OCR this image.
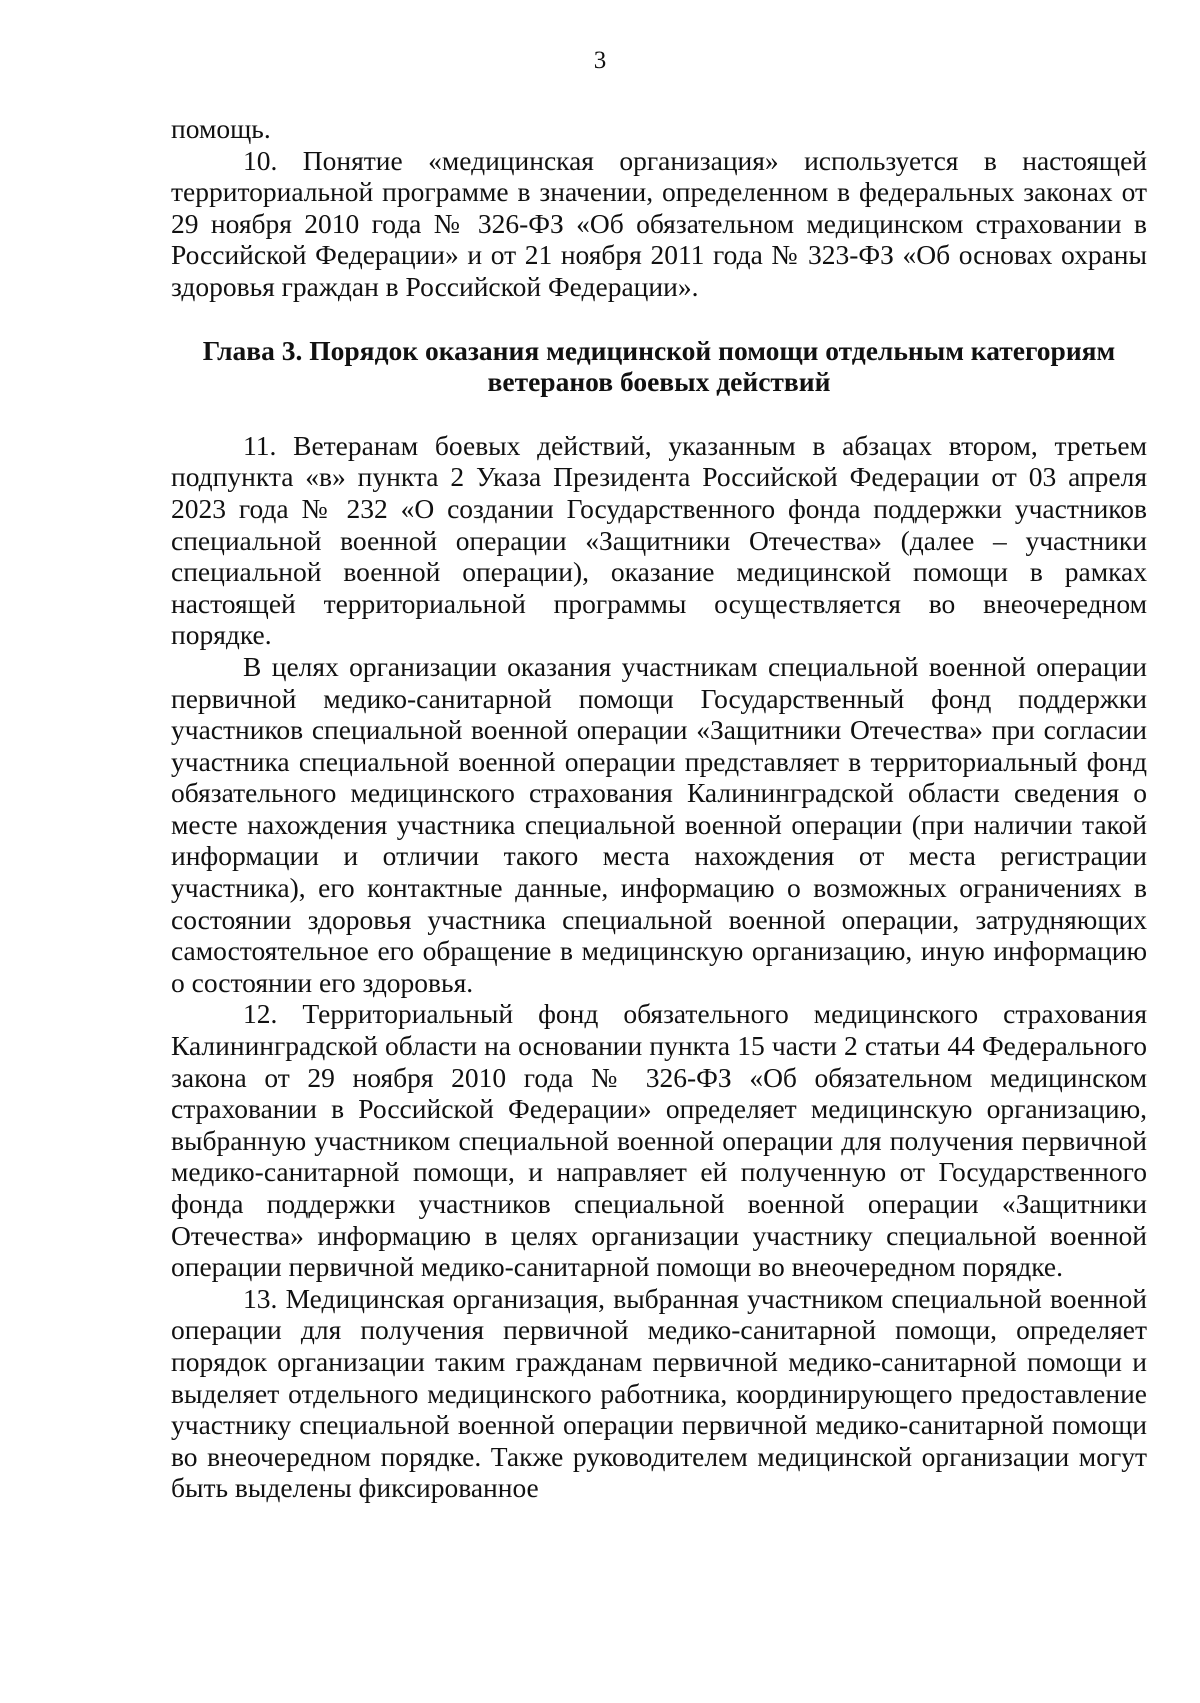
3

помощь.

10. Понятие «медицинская организация» используется в настоящей территориальной программе в значении, определенном в федеральных законах от 29 ноября 2010 года № 326-ФЗ «Об обязательном медицинском страховании в Российской Федерации» и от 21 ноября 2011 года № 323-ФЗ «Об основах охраны здоровья граждан в Российской Федерации».

Глава 3. Порядок оказания медицинской помощи отдельным категориям
ветеранов боевых действий

11. Ветеранам боевых действий, указанным в абзацах втором, третьем подпункта «в» пункта 2 Указа Президента Российской Федерации от 03 апреля 2023 года № 232 «О создании Государственного фонда поддержки участников специальной военной операции «Защитники Отечества» (далее – участники специальной военной операции), оказание медицинской помощи в рамках настоящей территориальной программы осуществляется во внеочередном порядке.

В целях организации оказания участникам специальной военной операции первичной медико-санитарной помощи Государственный фонд поддержки участников специальной военной операции «Защитники Отечества» при согласии участника специальной военной операции представляет в территориальный фонд обязательного медицинского страхования Калининградской области сведения о месте нахождения участника специальной военной операции (при наличии такой информации и отличии такого места нахождения от места регистрации участника), его контактные данные, информацию о возможных ограничениях в состоянии здоровья участника специальной военной операции, затрудняющих самостоятельное его обращение в медицинскую организацию, иную информацию о состоянии его здоровья.

12. Территориальный фонд обязательного медицинского страхования Калининградской области на основании пункта 15 части 2 статьи 44 Федерального закона от 29 ноября 2010 года № 326-ФЗ «Об обязательном медицинском страховании в Российской Федерации» определяет медицинскую организацию, выбранную участником специальной военной операции для получения первичной медико-санитарной помощи, и направляет ей полученную от Государственного фонда поддержки участников специальной военной операции «Защитники Отечества» информацию в целях организации участнику специальной военной операции первичной медико-санитарной помощи во внеочередном порядке.

13. Медицинская организация, выбранная участником специальной военной операции для получения первичной медико-санитарной помощи, определяет порядок организации таким гражданам первичной медико-санитарной помощи и выделяет отдельного медицинского работника, координирующего предоставление участнику специальной военной операции первичной медико-санитарной помощи во внеочередном порядке. Также руководителем медицинской организации могут быть выделены фиксированное
